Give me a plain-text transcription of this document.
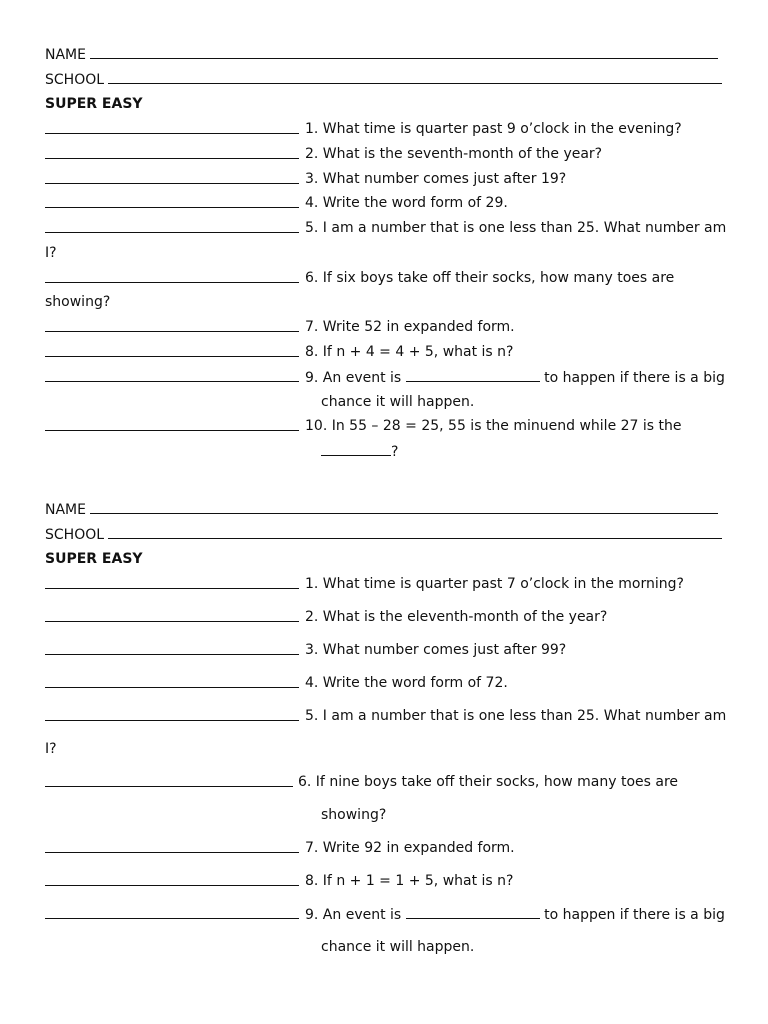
NAME
SCHOOL
SUPER EASY
1. What time is quarter past 9 o’clock in the evening?
2. What is the seventh-month of the year?
3. What number comes just after 19?
4. Write the word form of 29.
5. I am a number that is one less than 25. What number am
I?
6. If six boys take off their socks, how many toes are
showing?
7. Write 52 in expanded form.
8. If n + 4 = 4 + 5, what is n?
9. An event is	to happen if there is a big
chance it will happen.
10. In 55 – 28 = 25, 55 is the minuend while 27 is the
?
NAME
SCHOOL
SUPER EASY
1. What time is quarter past 7 o’clock in the morning?
2. What is the eleventh-month of the year?
3. What number comes just after 99?
4. Write the word form of 72.
5. I am a number that is one less than 25. What number am
I?
6. If nine boys take off their socks, how many toes are
showing?
7. Write 92 in expanded form.
8. If n + 1 = 1 + 5, what is n?
9. An event is	to happen if there is a big
chance it will happen.
